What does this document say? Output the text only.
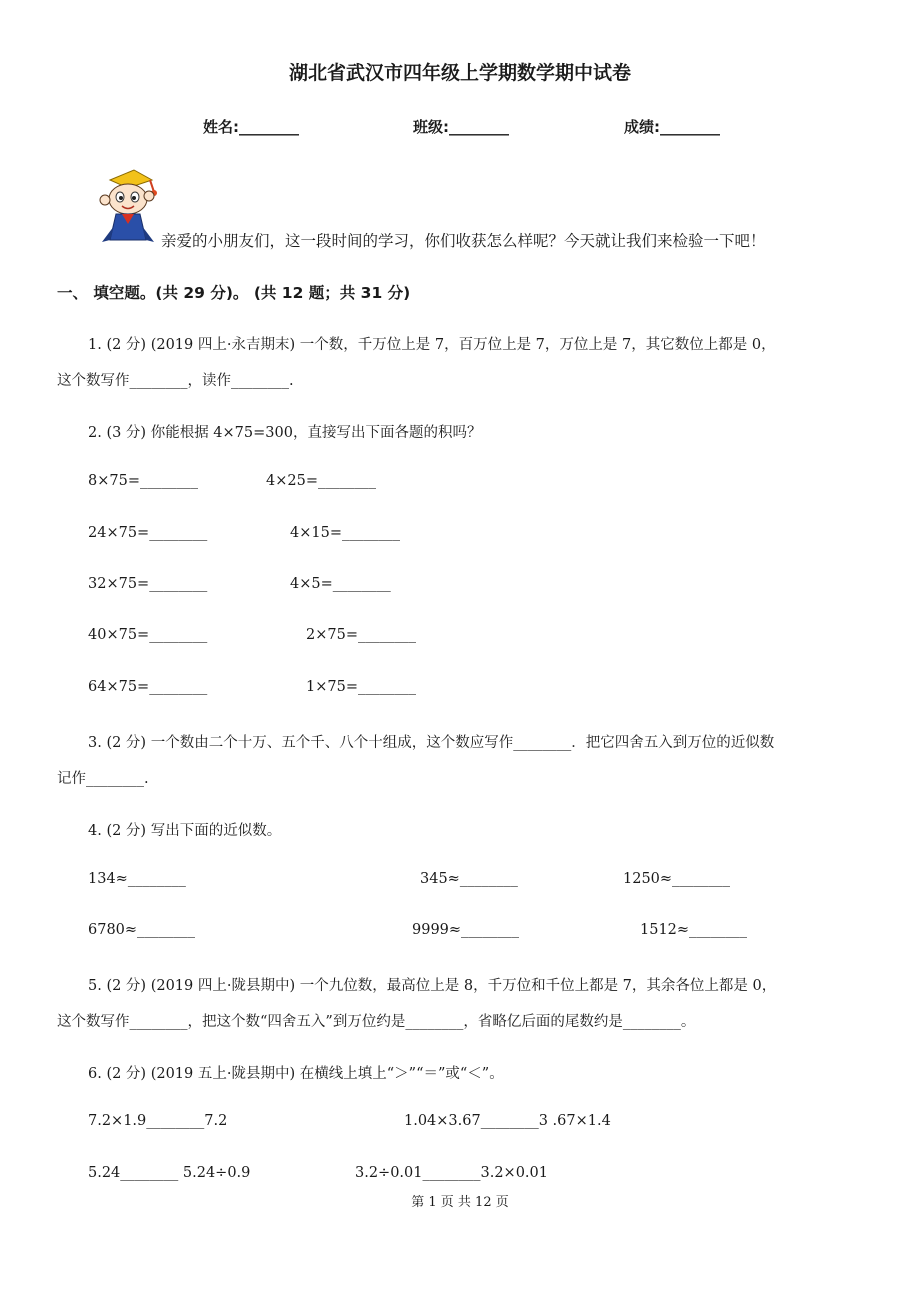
湖北省武汉市四年级上学期数学期中试卷
姓名:________	班级:________	成绩:________
亲爱的小朋友们，这一段时间的学习，你们收获怎么样呢？今天就让我们来检验一下吧！
一、 填空题。(共 29 分)。 (共 12 题；共 31 分)
1. (2 分) (2019 四上·永吉期末) 一个数，千万位上是 7，百万位上是 7，万位上是 7，其它数位上都是 0，
这个数写作________，读作________.
2. (3 分) 你能根据 4×75=300，直接写出下面各题的积吗？
8×75=________	4×25=________
24×75=________	4×15=________
32×75=________	4×5=________
40×75=________	2×75=________
64×75=________	1×75=________
3. (2 分) 一个数由二个十万、五个千、八个十组成，这个数应写作________．把它四舍五入到万位的近似数
记作________.
4. (2 分) 写出下面的近似数。
134≈________	345≈________	1250≈________
6780≈________	9999≈________	1512≈________
5. (2 分) (2019 四上·陇县期中) 一个九位数，最高位上是 8，千万位和千位上都是 7，其余各位上都是 0，
这个数写作________，把这个数“四舍五入”到万位约是________，省略亿后面的尾数约是________。
6. (2 分) (2019 五上·陇县期中) 在横线上填上“＞”“＝”或“＜”。
7.2×1.9________7.2	1.04×3.67________3 .67×1.4
5.24________ 5.24÷0.9	3.2÷0.01________3.2×0.01
第 1 页 共 12 页
